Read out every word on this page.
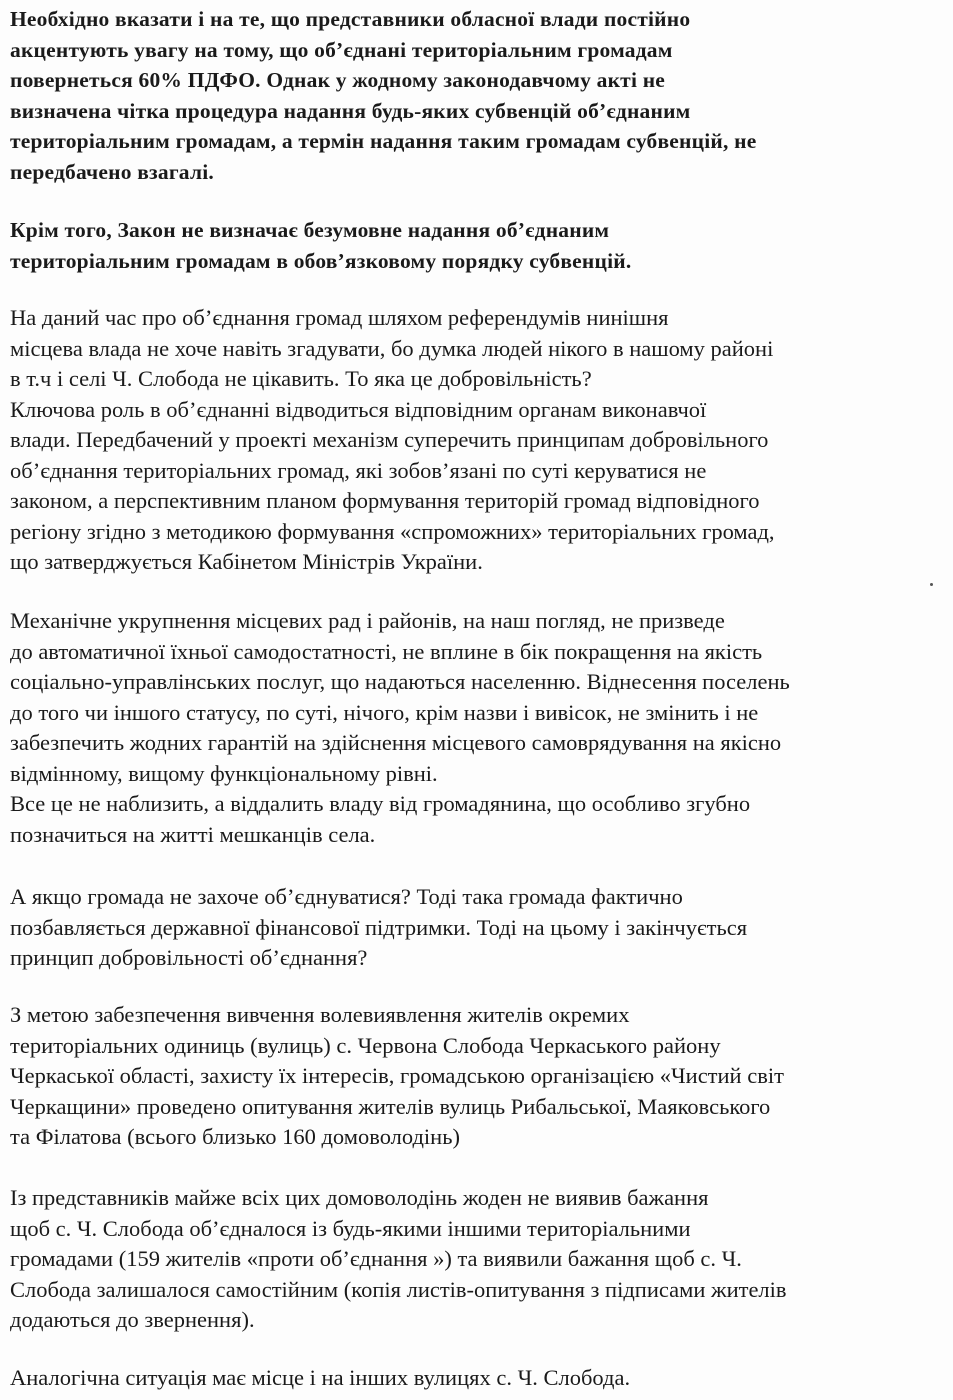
Необхідно вказати і на те, що представники обласної влади постійно
акцентують увагу на тому, що об’єднані територіальним громадам
повернеться 60% ПДФО. Однак у жодному законодавчому акті не
визначена чітка процедура надання будь-яких субвенцій об’єднаним
територіальним громадам, а термін надання таким громадам субвенцій, не
передбачено взагалі.

Крім того, Закон не визначає безумовне надання об’єднаним
територіальним громадам в обов’язковому порядку субвенцій.

На даний час про об’єднання громад шляхом референдумів нинішня
місцева влада не хоче навіть згадувати, бо думка людей нікого в нашому районі
в т.ч і селі Ч. Слобода не цікавить. То яка це добровільність?
Ключова роль в об’єднанні відводиться відповідним органам виконавчої
влади. Передбачений у проекті механізм суперечить принципам добровільного
об’єднання територіальних громад, які зобов’язані по суті керуватися не
законом, а перспективним планом формування територій громад відповідного
регіону згідно з методикою формування «спроможних» територіальних громад,
що затверджується Кабінетом Міністрів України.

Механічне укрупнення місцевих рад і районів, на наш погляд, не призведе
до автоматичної їхньої самодостатності, не вплине в бік покращення на якість
соціально-управлінських послуг, що надаються населенню. Віднесення поселень
до того чи іншого статусу, по суті, нічого, крім назви і вивісок, не змінить і не
забезпечить жодних гарантій на здійснення місцевого самоврядування на якісно
відмінному, вищому функціональному рівні.
Все це не наблизить, а віддалить владу від громадянина, що особливо згубно
позначиться на житті мешканців села.

А якщо громада не захоче об’єднуватися? Тоді така громада фактично
позбавляється державної фінансової підтримки. Тоді на цьому і закінчується
принцип добровільності об’єднання?

З метою забезпечення вивчення волевиявлення жителів окремих
територіальних одиниць (вулиць) с. Червона Слобода Черкаського району
Черкаської області, захисту їх інтересів, громадською організацією «Чистий світ
Черкащини» проведено опитування жителів вулиць Рибальської, Маяковського
та Філатова (всього близько 160 домоволодінь)

Із представників майже всіх цих домоволодінь жоден не виявив бажання
щоб с. Ч. Слобода об’єдналося із будь-якими іншими територіальними
громадами (159 жителів «проти об’єднання ») та виявили бажання щоб с. Ч.
Слобода залишалося самостійним (копія листів-опитування з підписами жителів
додаються до звернення).

Аналогічна ситуація має місце і на інших вулицях с. Ч. Слобода.
